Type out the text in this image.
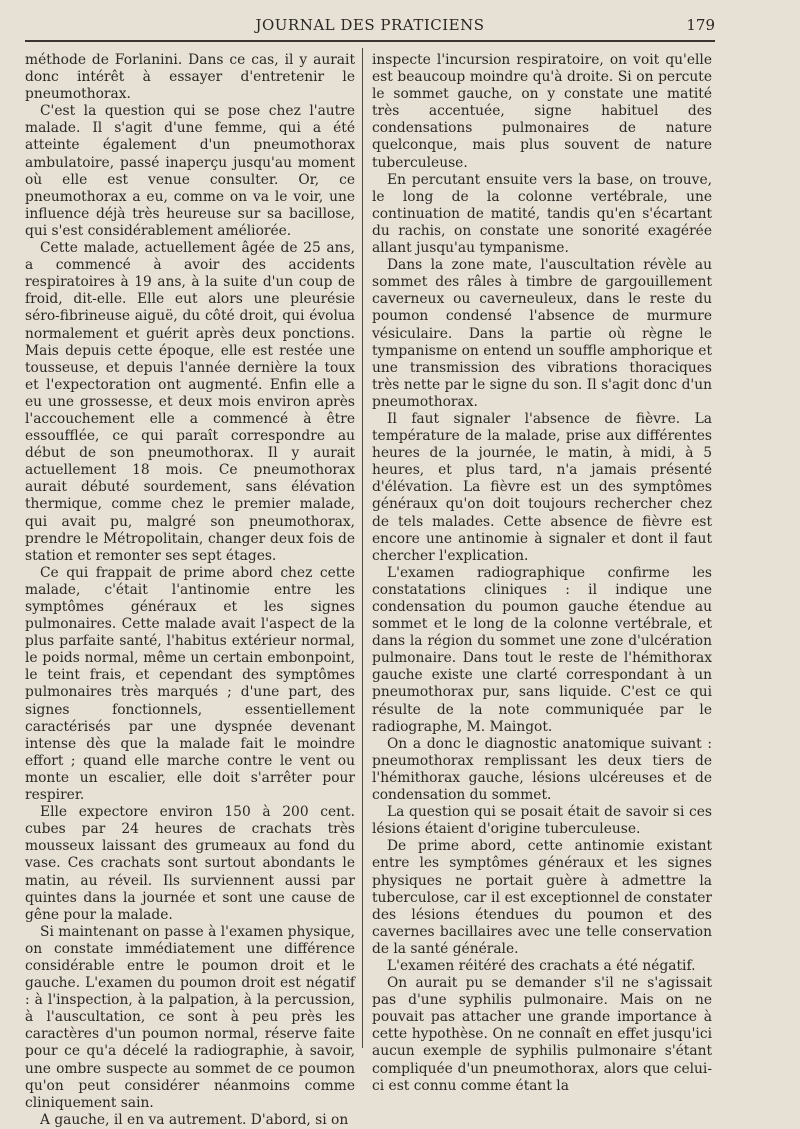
JOURNAL DES PRATICIENS	179

méthode de Forlanini. Dans ce cas, il y aurait donc intérêt à essayer d'entretenir le pneumothorax.

C'est la question qui se pose chez l'autre malade. Il s'agit d'une femme, qui a été atteinte également d'un pneumothorax ambulatoire, passé inaperçu jusqu'au moment où elle est venue consulter. Or, ce pneumothorax a eu, comme on va le voir, une influence déjà très heureuse sur sa bacillose, qui s'est considérablement améliorée.

Cette malade, actuellement âgée de 25 ans, a commencé à avoir des accidents respiratoires à 19 ans, à la suite d'un coup de froid, dit-elle. Elle eut alors une pleurésie séro-fibrineuse aiguë, du côté droit, qui évolua normalement et guérit après deux ponctions. Mais depuis cette époque, elle est restée une tousseuse, et depuis l'année dernière la toux et l'expectoration ont augmenté. Enfin elle a eu une grossesse, et deux mois environ après l'accouchement elle a commencé à être essoufflée, ce qui paraît correspondre au début de son pneumothorax. Il y aurait actuellement 18 mois. Ce pneumothorax aurait débuté sourdement, sans élévation thermique, comme chez le premier malade, qui avait pu, malgré son pneumothorax, prendre le Métropolitain, changer deux fois de station et remonter ses sept étages.

Ce qui frappait de prime abord chez cette malade, c'était l'antinomie entre les symptômes généraux et les signes pulmonaires. Cette malade avait l'aspect de la plus parfaite santé, l'habitus extérieur normal, le poids normal, même un certain embonpoint, le teint frais, et cependant des symptômes pulmonaires très marqués ; d'une part, des signes fonctionnels, essentiellement caractérisés par une dyspnée devenant intense dès que la malade fait le moindre effort ; quand elle marche contre le vent ou monte un escalier, elle doit s'arrêter pour respirer.

Elle expectore environ 150 à 200 cent. cubes par 24 heures de crachats très mousseux laissant des grumeaux au fond du vase. Ces crachats sont surtout abondants le matin, au réveil. Ils surviennent aussi par quintes dans la journée et sont une cause de gêne pour la malade.

Si maintenant on passe à l'examen physique, on constate immédiatement une différence considérable entre le poumon droit et le gauche. L'examen du poumon droit est négatif : à l'inspection, à la palpation, à la percussion, à l'auscultation, ce sont à peu près les caractères d'un poumon normal, réserve faite pour ce qu'a décelé la radiographie, à savoir, une ombre suspecte au sommet de ce poumon qu'on peut considérer néanmoins comme cliniquement sain.

A gauche, il en va autrement. D'abord, si on

inspecte l'incursion respiratoire, on voit qu'elle est beaucoup moindre qu'à droite. Si on percute le sommet gauche, on y constate une matité très accentuée, signe habituel des condensations pulmonaires de nature quelconque, mais plus souvent de nature tuberculeuse.

En percutant ensuite vers la base, on trouve, le long de la colonne vertébrale, une continuation de matité, tandis qu'en s'écartant du rachis, on constate une sonorité exagérée allant jusqu'au tympanisme.

Dans la zone mate, l'auscultation révèle au sommet des râles à timbre de gargouillement caverneux ou caverneuleux, dans le reste du poumon condensé l'absence de murmure vésiculaire. Dans la partie où règne le tympanisme on entend un souffle amphorique et une transmission des vibrations thoraciques très nette par le signe du son. Il s'agit donc d'un pneumothorax.

Il faut signaler l'absence de fièvre. La température de la malade, prise aux différentes heures de la journée, le matin, à midi, à 5 heures, et plus tard, n'a jamais présenté d'élévation. La fièvre est un des symptômes généraux qu'on doit toujours rechercher chez de tels malades. Cette absence de fièvre est encore une antinomie à signaler et dont il faut chercher l'explication.

L'examen radiographique confirme les constatations cliniques : il indique une condensation du poumon gauche étendue au sommet et le long de la colonne vertébrale, et dans la région du sommet une zone d'ulcération pulmonaire. Dans tout le reste de l'hémithorax gauche existe une clarté correspondant à un pneumothorax pur, sans liquide. C'est ce qui résulte de la note communiquée par le radiographe, M. Maingot.

On a donc le diagnostic anatomique suivant : pneumothorax remplissant les deux tiers de l'hémithorax gauche, lésions ulcéreuses et de condensation du sommet.

La question qui se posait était de savoir si ces lésions étaient d'origine tuberculeuse.

De prime abord, cette antinomie existant entre les symptômes généraux et les signes physiques ne portait guère à admettre la tuberculose, car il est exceptionnel de constater des lésions étendues du poumon et des cavernes bacillaires avec une telle conservation de la santé générale.

L'examen réitéré des crachats a été négatif.

On aurait pu se demander s'il ne s'agissait pas d'une syphilis pulmonaire. Mais on ne pouvait pas attacher une grande importance à cette hypothèse. On ne connaît en effet jusqu'ici aucun exemple de syphilis pulmonaire s'étant compliquée d'un pneumothorax, alors que celui-ci est connu comme étant la
